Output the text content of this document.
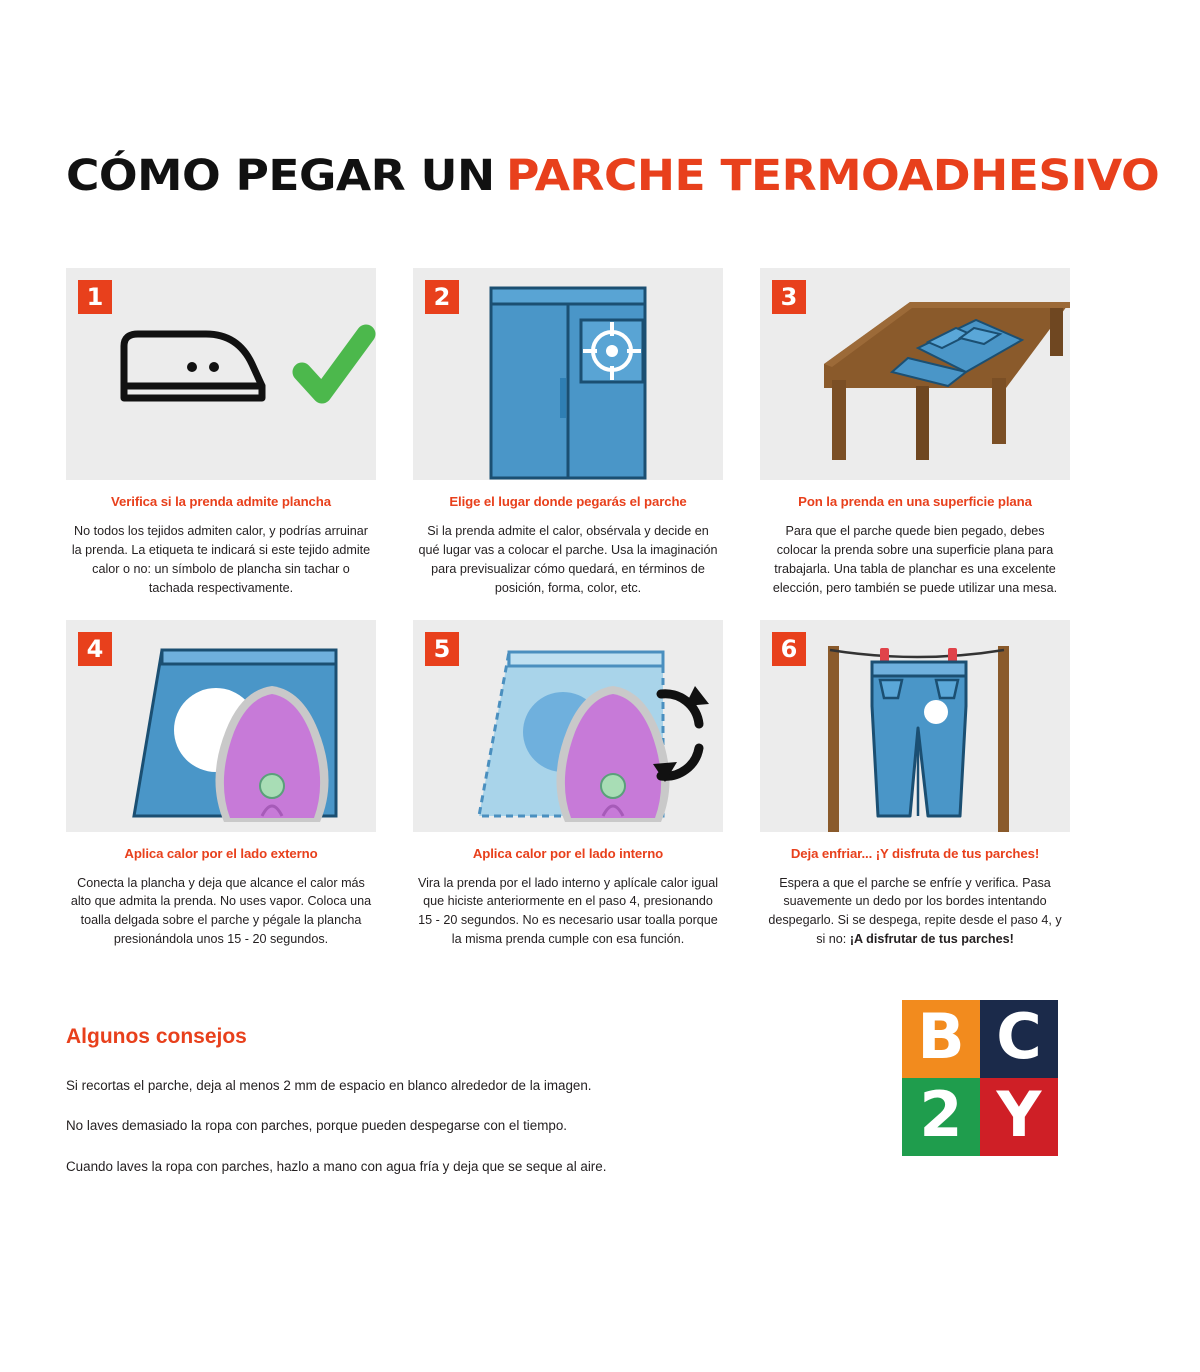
CÓMO PEGAR UN PARCHE TERMOADHESIVO
1
Verifica si la prenda admite plancha
No todos los tejidos admiten calor, y podrías arruinar la prenda. La etiqueta te indicará si este tejido admite calor o no: un símbolo de plancha sin tachar o tachada respectivamente.
2
Elige el lugar donde pegarás el parche
Si la prenda admite el calor, obsérvala y decide en qué lugar vas a colocar el parche. Usa la imaginación para previsualizar cómo quedará, en términos de posición, forma, color, etc.
3
Pon la prenda en una superficie plana
Para que el parche quede bien pegado, debes colocar la prenda sobre una superficie plana para trabajarla. Una tabla de planchar es una excelente elección, pero también se puede utilizar una mesa.
4
Aplica calor por el lado externo
Conecta la plancha y deja que alcance el calor más alto que admita la prenda. No uses vapor. Coloca una toalla delgada sobre el parche y pégale la plancha presionándola unos 15 - 20 segundos.
5
Aplica calor por el lado interno
Vira la prenda por el lado interno y aplícale calor igual que hiciste anteriormente en el paso 4, presionando 15 - 20 segundos. No es necesario usar toalla porque la misma prenda cumple con esa función.
6
Deja enfriar... ¡Y disfruta de tus parches!
Espera a que el parche se enfríe y verifica. Pasa suavemente un dedo por los bordes intentando despegarlo. Si se despega, repite desde el paso 4, y si no: ¡A disfrutar de tus parches!
Algunos consejos
Si recortas el parche, deja al menos 2 mm de espacio en blanco alrededor de la imagen.
No laves demasiado la ropa con parches, porque pueden despegarse con el tiempo.
Cuando laves la ropa con parches, hazlo a mano con agua fría y deja que se seque al aire.
B C
2 Y
